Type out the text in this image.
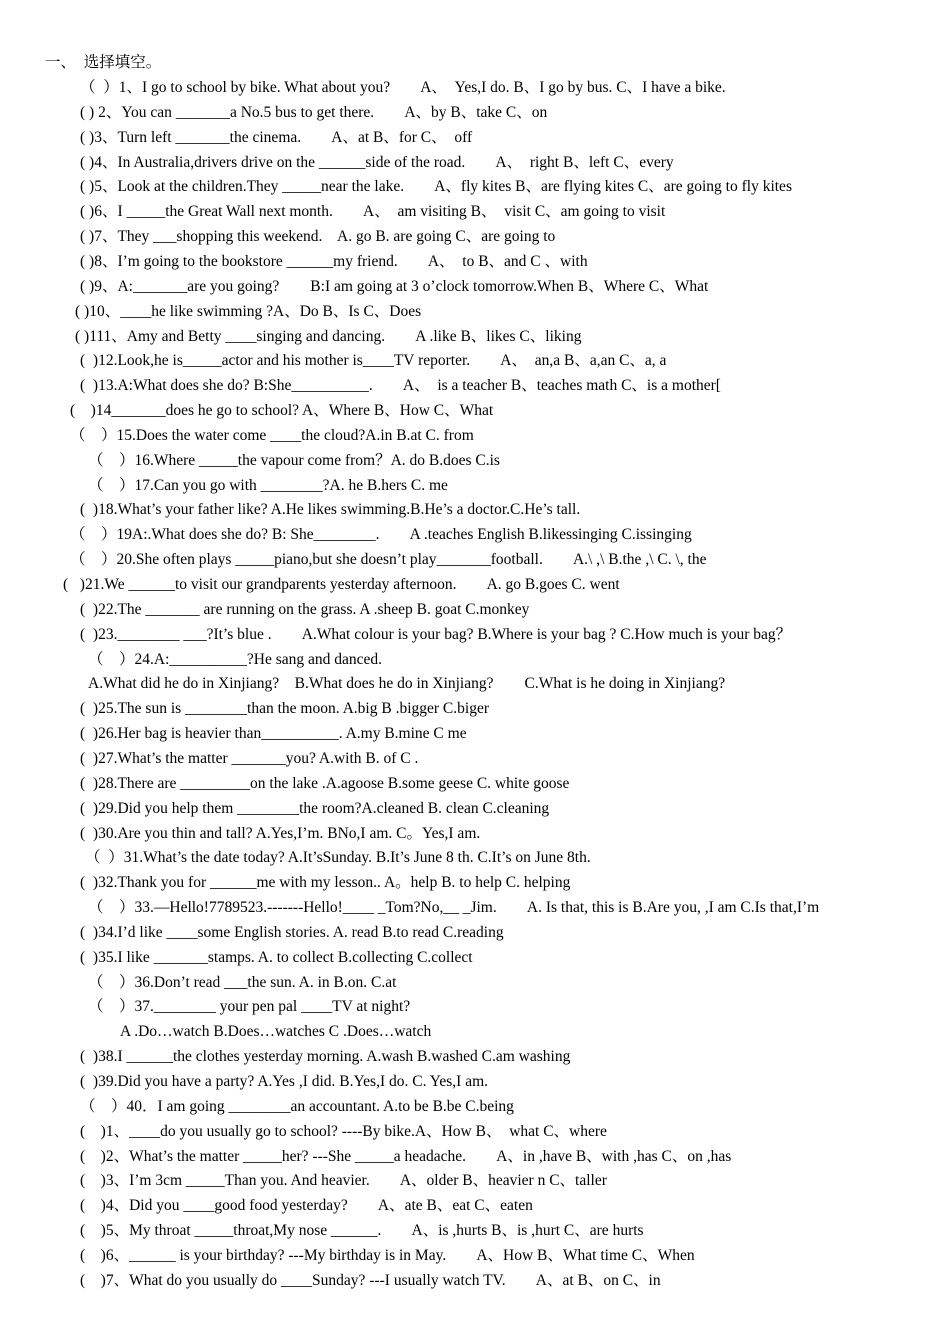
一、  选择填空。
（  ）1、I go to school by bike. What about you?        A、  Yes,I do. B、I go by bus. C、I have a bike.
( ) 2、You can _______a No.5 bus to get there.        A、by B、take C、on
( )3、Turn left _______the cinema.        A、at B、for C、  off
( )4、In Australia,drivers drive on the ______side of the road.        A、  right B、left C、every
( )5、Look at the children.They _____near the lake.        A、fly kites B、are flying kites C、are going to fly kites
( )6、I _____the Great Wall next month.        A、  am visiting B、  visit C、am going to visit
( )7、They ___shopping this weekend.    A. go B. are going C、are going to
( )8、I’m going to the bookstore ______my friend.        A、  to B、and C 、with
( )9、A:_______are you going?        B:I am going at 3 o’clock tomorrow.When B、Where C、What
( )10、____he like swimming ?A、Do B、Is C、Does
( )111、Amy and Betty ____singing and dancing.        A .like B、likes C、liking
(  )12.Look,he is_____actor and his mother is____TV reporter.        A、  an,a B、a,an C、a, a
(  )13.A:What does she do? B:She__________.        A、  is a teacher B、teaches math C、is a mother[
(    )14_______does he go to school? A、Where B、How C、What
（    ）15.Does the water come ____the cloud?A.in B.at C. from
（    ）16.Where _____the vapour come from？A. do B.does C.is
（    ）17.Can you go with ________?A. he B.hers C. me
(  )18.What’s your father like? A.He likes swimming.B.He’s a doctor.C.He’s tall.
（    ）19A:.What does she do? B: She________.        A .teaches English B.likessinging C.issinging
（    ）20.She often plays _____piano,but she doesn’t play_______football.        A.\ ,\ B.the ,\ C. \, the
(   )21.We ______to visit our grandparents yesterday afternoon.        A. go B.goes C. went
(  )22.The _______ are running on the grass. A .sheep B. goat C.monkey
(  )23.________ ___?It’s blue .        A.What colour is your bag? B.Where is your bag ? C.How much is your bag？
（    ）24.A:__________?He sang and danced.
A.What did he do in Xinjiang?    B.What does he do in Xinjiang?        C.What is he doing in Xinjiang?
(  )25.The sun is ________than the moon. A.big B .bigger C.biger
(  )26.Her bag is heavier than__________. A.my B.mine C me
(  )27.What’s the matter _______you? A.with B. of C .
(  )28.There are _________on the lake .A.agoose B.some geese C. white goose
(  )29.Did you help them ________the room?A.cleaned B. clean C.cleaning
(  )30.Are you thin and tall? A.Yes,I’m. BNo,I am. C。Yes,I am.
（  ）31.What’s the date today? A.It’sSunday. B.It’s June 8 th. C.It’s on June 8th.
(  )32.Thank you for ______me with my lesson.. A。help B. to help C. helping
（    ）33.—Hello!7789523.-------Hello!____ _Tom?No,__ _Jim.        A. Is that, this is B.Are you, ,I am C.Is that,I’m
(  )34.I’d like ____some English stories. A. read B.to read C.reading
(  )35.I like _______stamps. A. to collect B.collecting C.collect
（    ）36.Don’t read ___the sun. A. in B.on. C.at
（    ）37.________ your pen pal ____TV at night?
A .Do…watch B.Does…watches C .Does…watch
(  )38.I ______the clothes yesterday morning. A.wash B.washed C.am washing
(  )39.Did you have a party? A.Yes ,I did. B.Yes,I do. C. Yes,I am.
（    ）40．I am going ________an accountant. A.to be B.be C.being
(    )1、____do you usually go to school? ----By bike.A、How B、  what C、where
(    )2、What’s the matter _____her? ---She _____a headache.        A、in ,have B、with ,has C、on ,has
(    )3、I’m 3cm _____Than you. And heavier.        A、older B、heavier n C、taller
(    )4、Did you ____good food yesterday?        A、ate B、eat C、eaten
(    )5、My throat _____throat,My nose ______.        A、is ,hurts B、is ,hurt C、are hurts
(    )6、______ is your birthday? ---My birthday is in May.        A、How B、What time C、When
(    )7、What do you usually do ____Sunday? ---I usually watch TV.        A、at B、on C、in
